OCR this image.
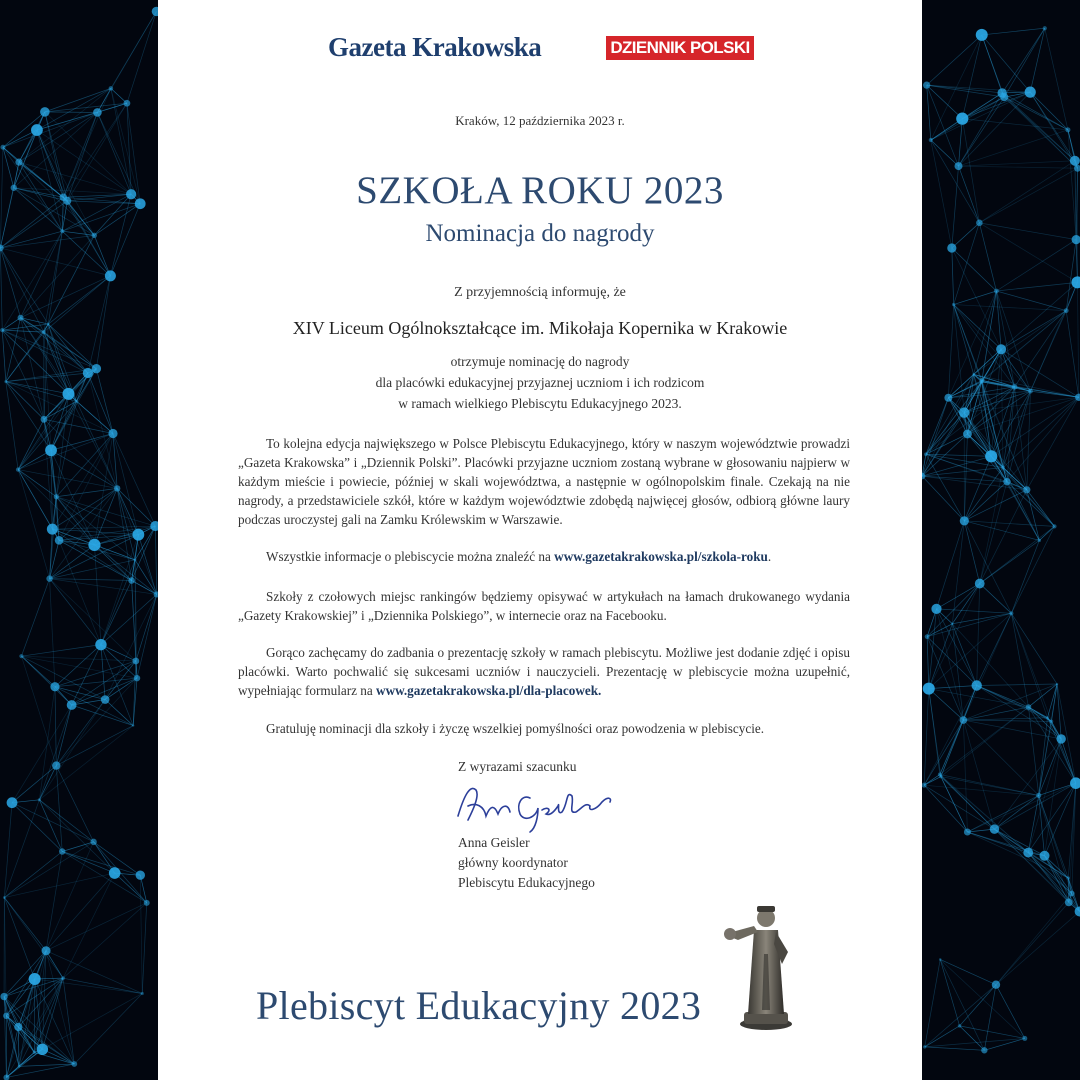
Gazeta Krakowska	DZIENNIK POLSKI
Kraków, 12 października 2023 r.
SZKOŁA ROKU 2023
Nominacja do nagrody
Z przyjemnością informuję, że
XIV Liceum Ogólnokształcące im. Mikołaja Kopernika w Krakowie
otrzymuje nominację do nagrody
dla placówki edukacyjnej przyjaznej uczniom i ich rodzicom
w ramach wielkiego Plebiscytu Edukacyjnego 2023.

To kolejna edycja największego w Polsce Plebiscytu Edukacyjnego, który w naszym województwie prowadzi „Gazeta Krakowska” i „Dziennik Polski”. Placówki przyjazne uczniom zostaną wybrane w głosowaniu najpierw w każdym mieście i powiecie, później w skali województwa, a następnie w ogólnopolskim finale. Czekają na nie nagrody, a przedstawiciele szkół, które w każdym województwie zdobędą najwięcej głosów, odbiorą główne laury podczas uroczystej gali na Zamku Królewskim w Warszawie.

Wszystkie informacje o plebiscycie można znaleźć na www.gazetakrakowska.pl/szkola-roku.

Szkoły z czołowych miejsc rankingów będziemy opisywać w artykułach na łamach drukowanego wydania „Gazety Krakowskiej” i „Dziennika Polskiego”, w internecie oraz na Facebooku.

Gorąco zachęcamy do zadbania o prezentację szkoły w ramach plebiscytu. Możliwe jest dodanie zdjęć i opisu placówki. Warto pochwalić się sukcesami uczniów i nauczycieli. Prezentację w plebiscycie można uzupełnić, wypełniając formularz na www.gazetakrakowska.pl/dla-placowek.

Gratuluję nominacji dla szkoły i życzę wszelkiej pomyślności oraz powodzenia w plebiscycie.

Z wyrazami szacunku
Anna Geisler
główny koordynator
Plebiscytu Edukacyjnego
Plebiscyt Edukacyjny 2023
